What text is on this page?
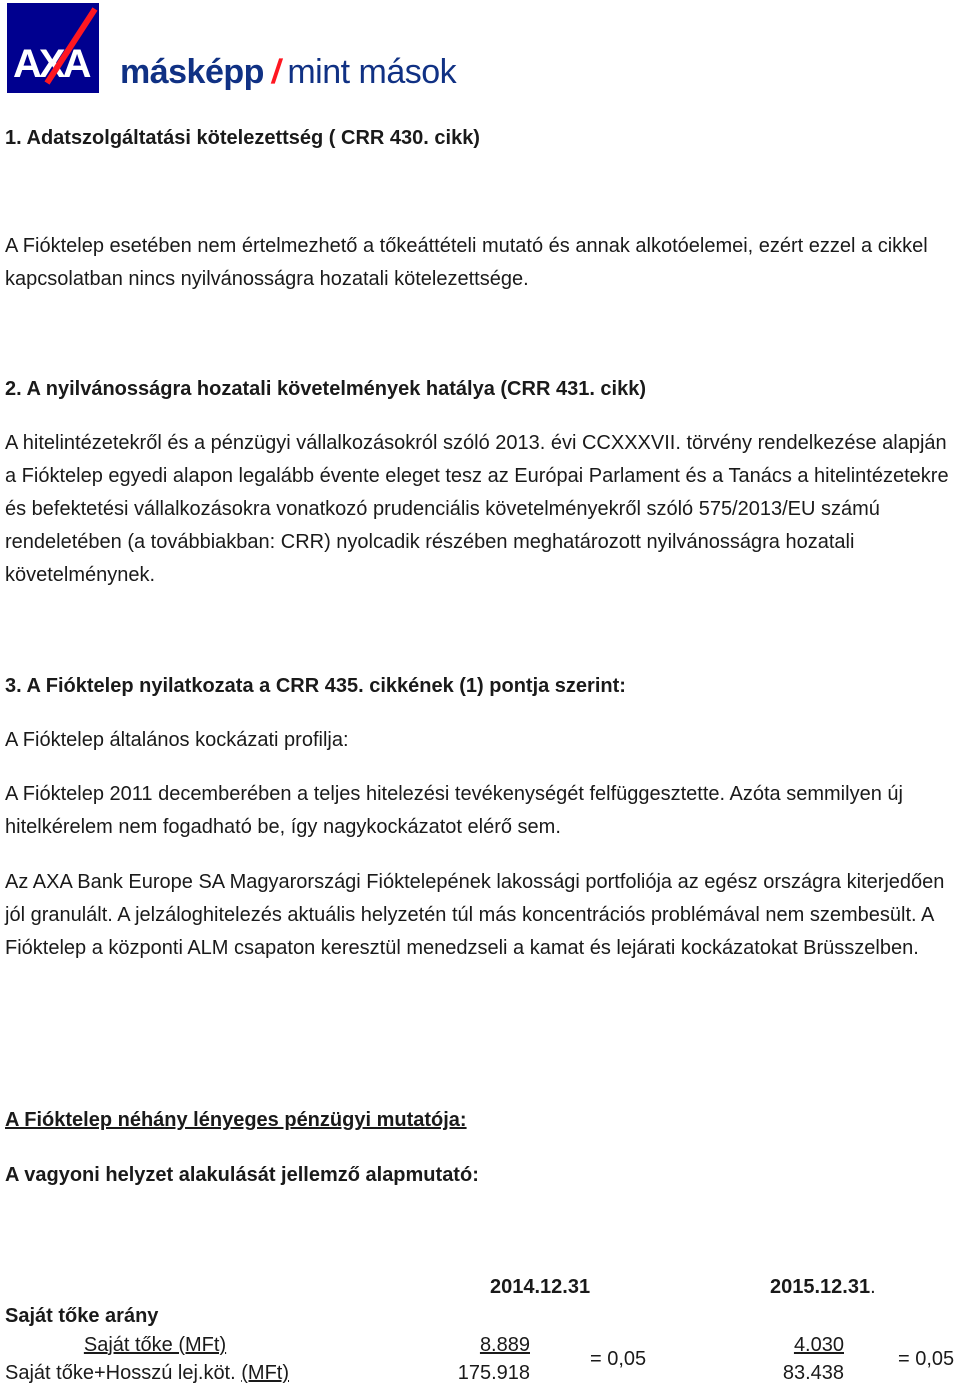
AXA másképp /mint mások
1. Adatszolgáltatási kötelezettség ( CRR 430. cikk)
A Fióktelep esetében nem értelmezhető a tőkeáttételi mutató és annak alkotóelemei, ezért ezzel a cikkel kapcsolatban nincs nyilvánosságra hozatali kötelezettsége.
2. A nyilvánosságra hozatali követelmények hatálya (CRR 431. cikk)
A hitelintézetekről és a pénzügyi vállalkozásokról szóló 2013. évi CCXXXVII. törvény rendelkezése alapján a Fióktelep egyedi alapon legalább évente eleget tesz az Európai Parlament és a Tanács a hitelintézetekre és befektetési vállalkozásokra vonatkozó prudenciális követelményekről szóló 575/2013/EU számú rendeletében (a továbbiakban: CRR) nyolcadik részében meghatározott nyilvánosságra hozatali követelménynek.
3. A Fióktelep nyilatkozata a CRR 435. cikkének (1) pontja szerint:
A Fióktelep általános kockázati profilja:
A Fióktelep 2011 decemberében a teljes hitelezési tevékenységét felfüggesztette. Azóta semmilyen új hitelkérelem nem fogadható be, így nagykockázatot elérő sem.
Az AXA Bank Europe SA Magyarországi Fióktelepének lakossági portfoliója az egész országra kiterjedően jól granulált. A jelzáloghitelezés aktuális helyzetén túl más koncentrációs problémával nem szembesült. A Fióktelep a központi ALM csapaton keresztül menedzseli a kamat és lejárati kockázatokat Brüsszelben.
A Fióktelep néhány lényeges pénzügyi mutatója:
A vagyoni helyzet alakulását jellemző alapmutató:
2014.12.31	2015.12.31.
Saját tőke arány
Saját tőke (MFt)
Saját tőke+Hosszú lej.köt. (MFt)
8.889
175.918
= 0,05
4.030
83.438
= 0,05
